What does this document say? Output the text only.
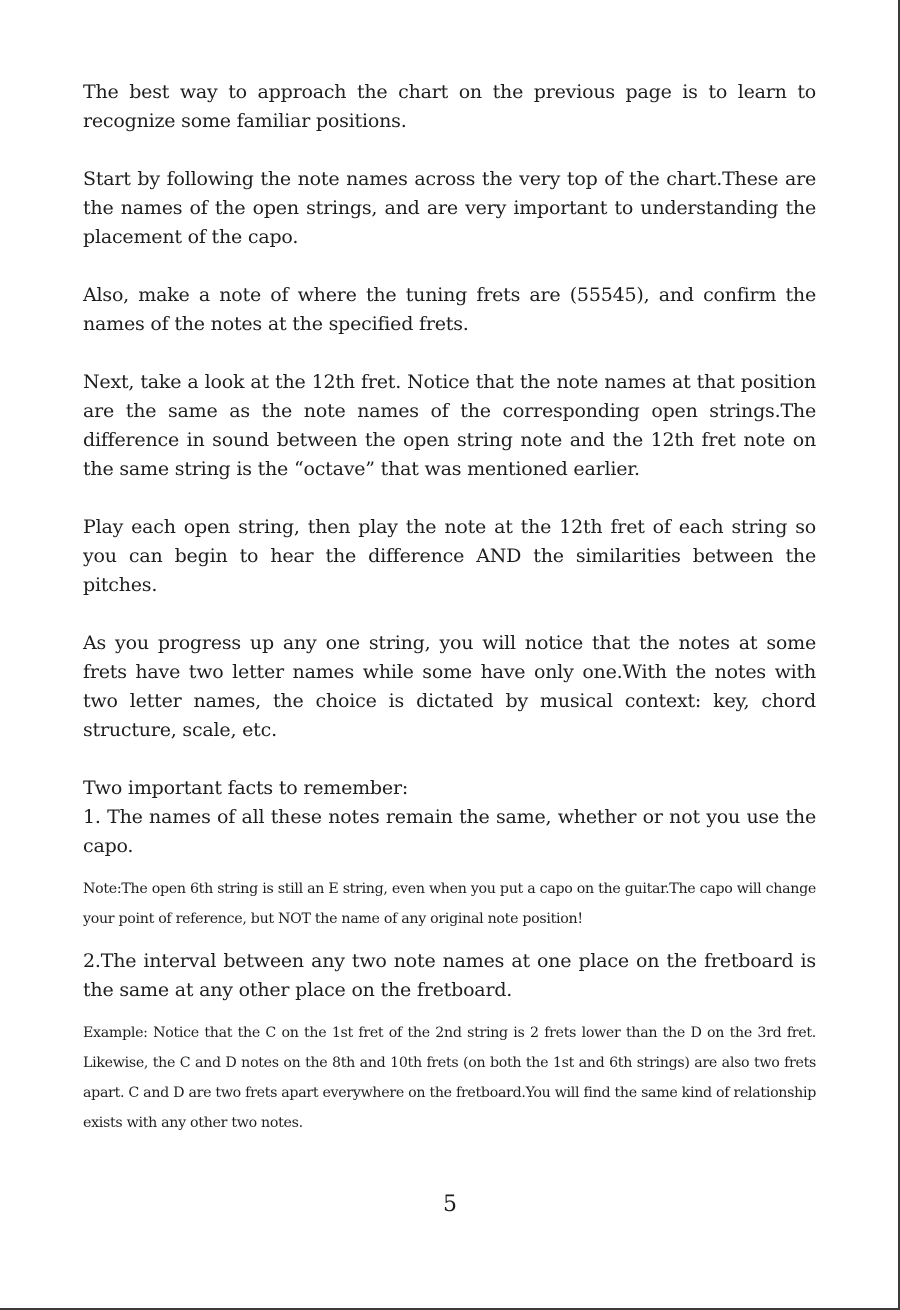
The best way to approach the chart on the previous page is to learn to recognize some familiar positions.

Start by following the note names across the very top of the chart.These are the names of the open strings, and are very important to understanding the placement of the capo.

Also, make a note of where the tuning frets are (55545), and confirm the names of the notes at the specified frets.

Next, take a look at the 12th fret. Notice that the note names at that position are the same as the note names of the corresponding open strings.The difference in sound between the open string note and the 12th fret note on the same string is the “octave” that was mentioned earlier.

Play each open string, then play the note at the 12th fret of each string so you can begin to hear the difference AND the similarities between the pitches.

As you progress up any one string, you will notice that the notes at some frets have two letter names while some have only one.With the notes with two letter names, the choice is dictated by musical context: key, chord structure, scale, etc.

Two important facts to remember:

1. The names of all these notes remain the same, whether or not you use the capo.

Note:The open 6th string is still an E string, even when you put a capo on the guitar.The capo will change your point of reference, but NOT the name of any original note position!

2.The interval between any two note names at one place on the fretboard is the same at any other place on the fretboard.

Example: Notice that the C on the 1st fret of the 2nd string is 2 frets lower than the D on the 3rd fret. Likewise, the C and D notes on the 8th and 10th frets (on both the 1st and 6th strings) are also two frets apart. C and D are two frets apart everywhere on the fretboard.You will find the same kind of relationship exists with any other two notes.

5
